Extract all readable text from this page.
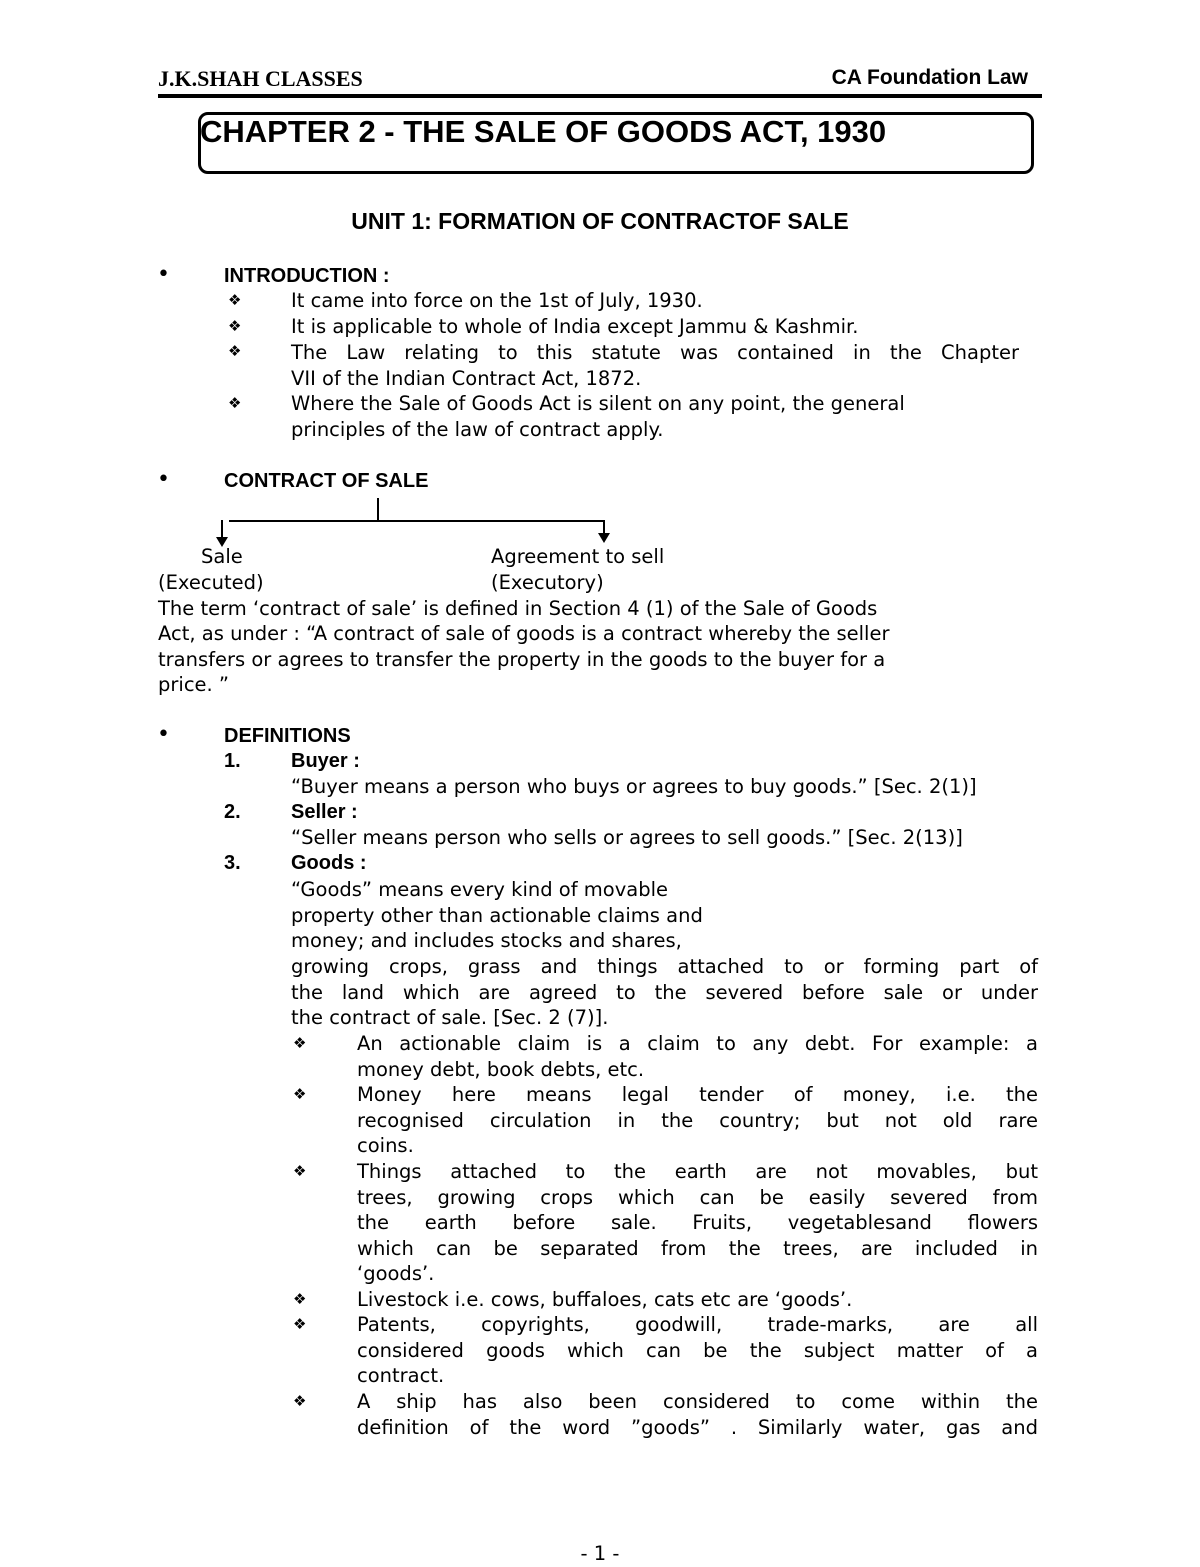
J.K.SHAH CLASSES	CA Foundation Law
CHAPTER 2 - THE SALE OF GOODS ACT, 1930
UNIT 1: FORMATION OF CONTRACTOF SALE
•	INTRODUCTION :
❖	It came into force on the 1st of July, 1930.
❖	It is applicable to whole of India except Jammu & Kashmir.
❖	The Law relating to this statute was contained in the Chapter
VII of the Indian Contract Act, 1872.
❖	Where the Sale of Goods Act is silent on any point, the general
principles of the law of contract apply.
•	CONTRACT OF SALE
Sale
(Executed)
Agreement to sell
(Executory)
The term ‘contract of sale’ is defined in Section 4 (1) of the Sale of Goods
Act, as under : “A contract of sale of goods is a contract whereby the seller
transfers or agrees to transfer the property in the goods to the buyer for a
price. ”
•	DEFINITIONS
1.	Buyer :
“Buyer means a person who buys or agrees to buy goods.” [Sec. 2(1)]
2.	Seller :
“Seller means person who sells or agrees to sell goods.” [Sec. 2(13)]
3.	Goods :
“Goods” means every kind of movable
property other than actionable claims and
money; and includes stocks and shares,
growing crops, grass and things attached to or forming part of
the land which are agreed to the severed before sale or under
the contract of sale. [Sec. 2 (7)].
❖	An actionable claim is a claim to any debt. For example: a
money debt, book debts, etc.
❖	Money here means legal tender of money, i.e. the
recognised circulation in the country; but not old rare
coins.
❖	Things attached to the earth are not movables, but
trees, growing crops which can be easily severed from
the earth before sale. Fruits, vegetablesand flowers
which can be separated from the trees, are included in
‘goods’.
❖	Livestock i.e. cows, buffaloes, cats etc are ‘goods’.
❖	Patents, copyrights, goodwill, trade-marks, are all
considered goods which can be the subject matter of a
contract.
❖	A ship has also been considered to come within the
definition of the word ”goods” . Similarly water, gas and
- 1 -
